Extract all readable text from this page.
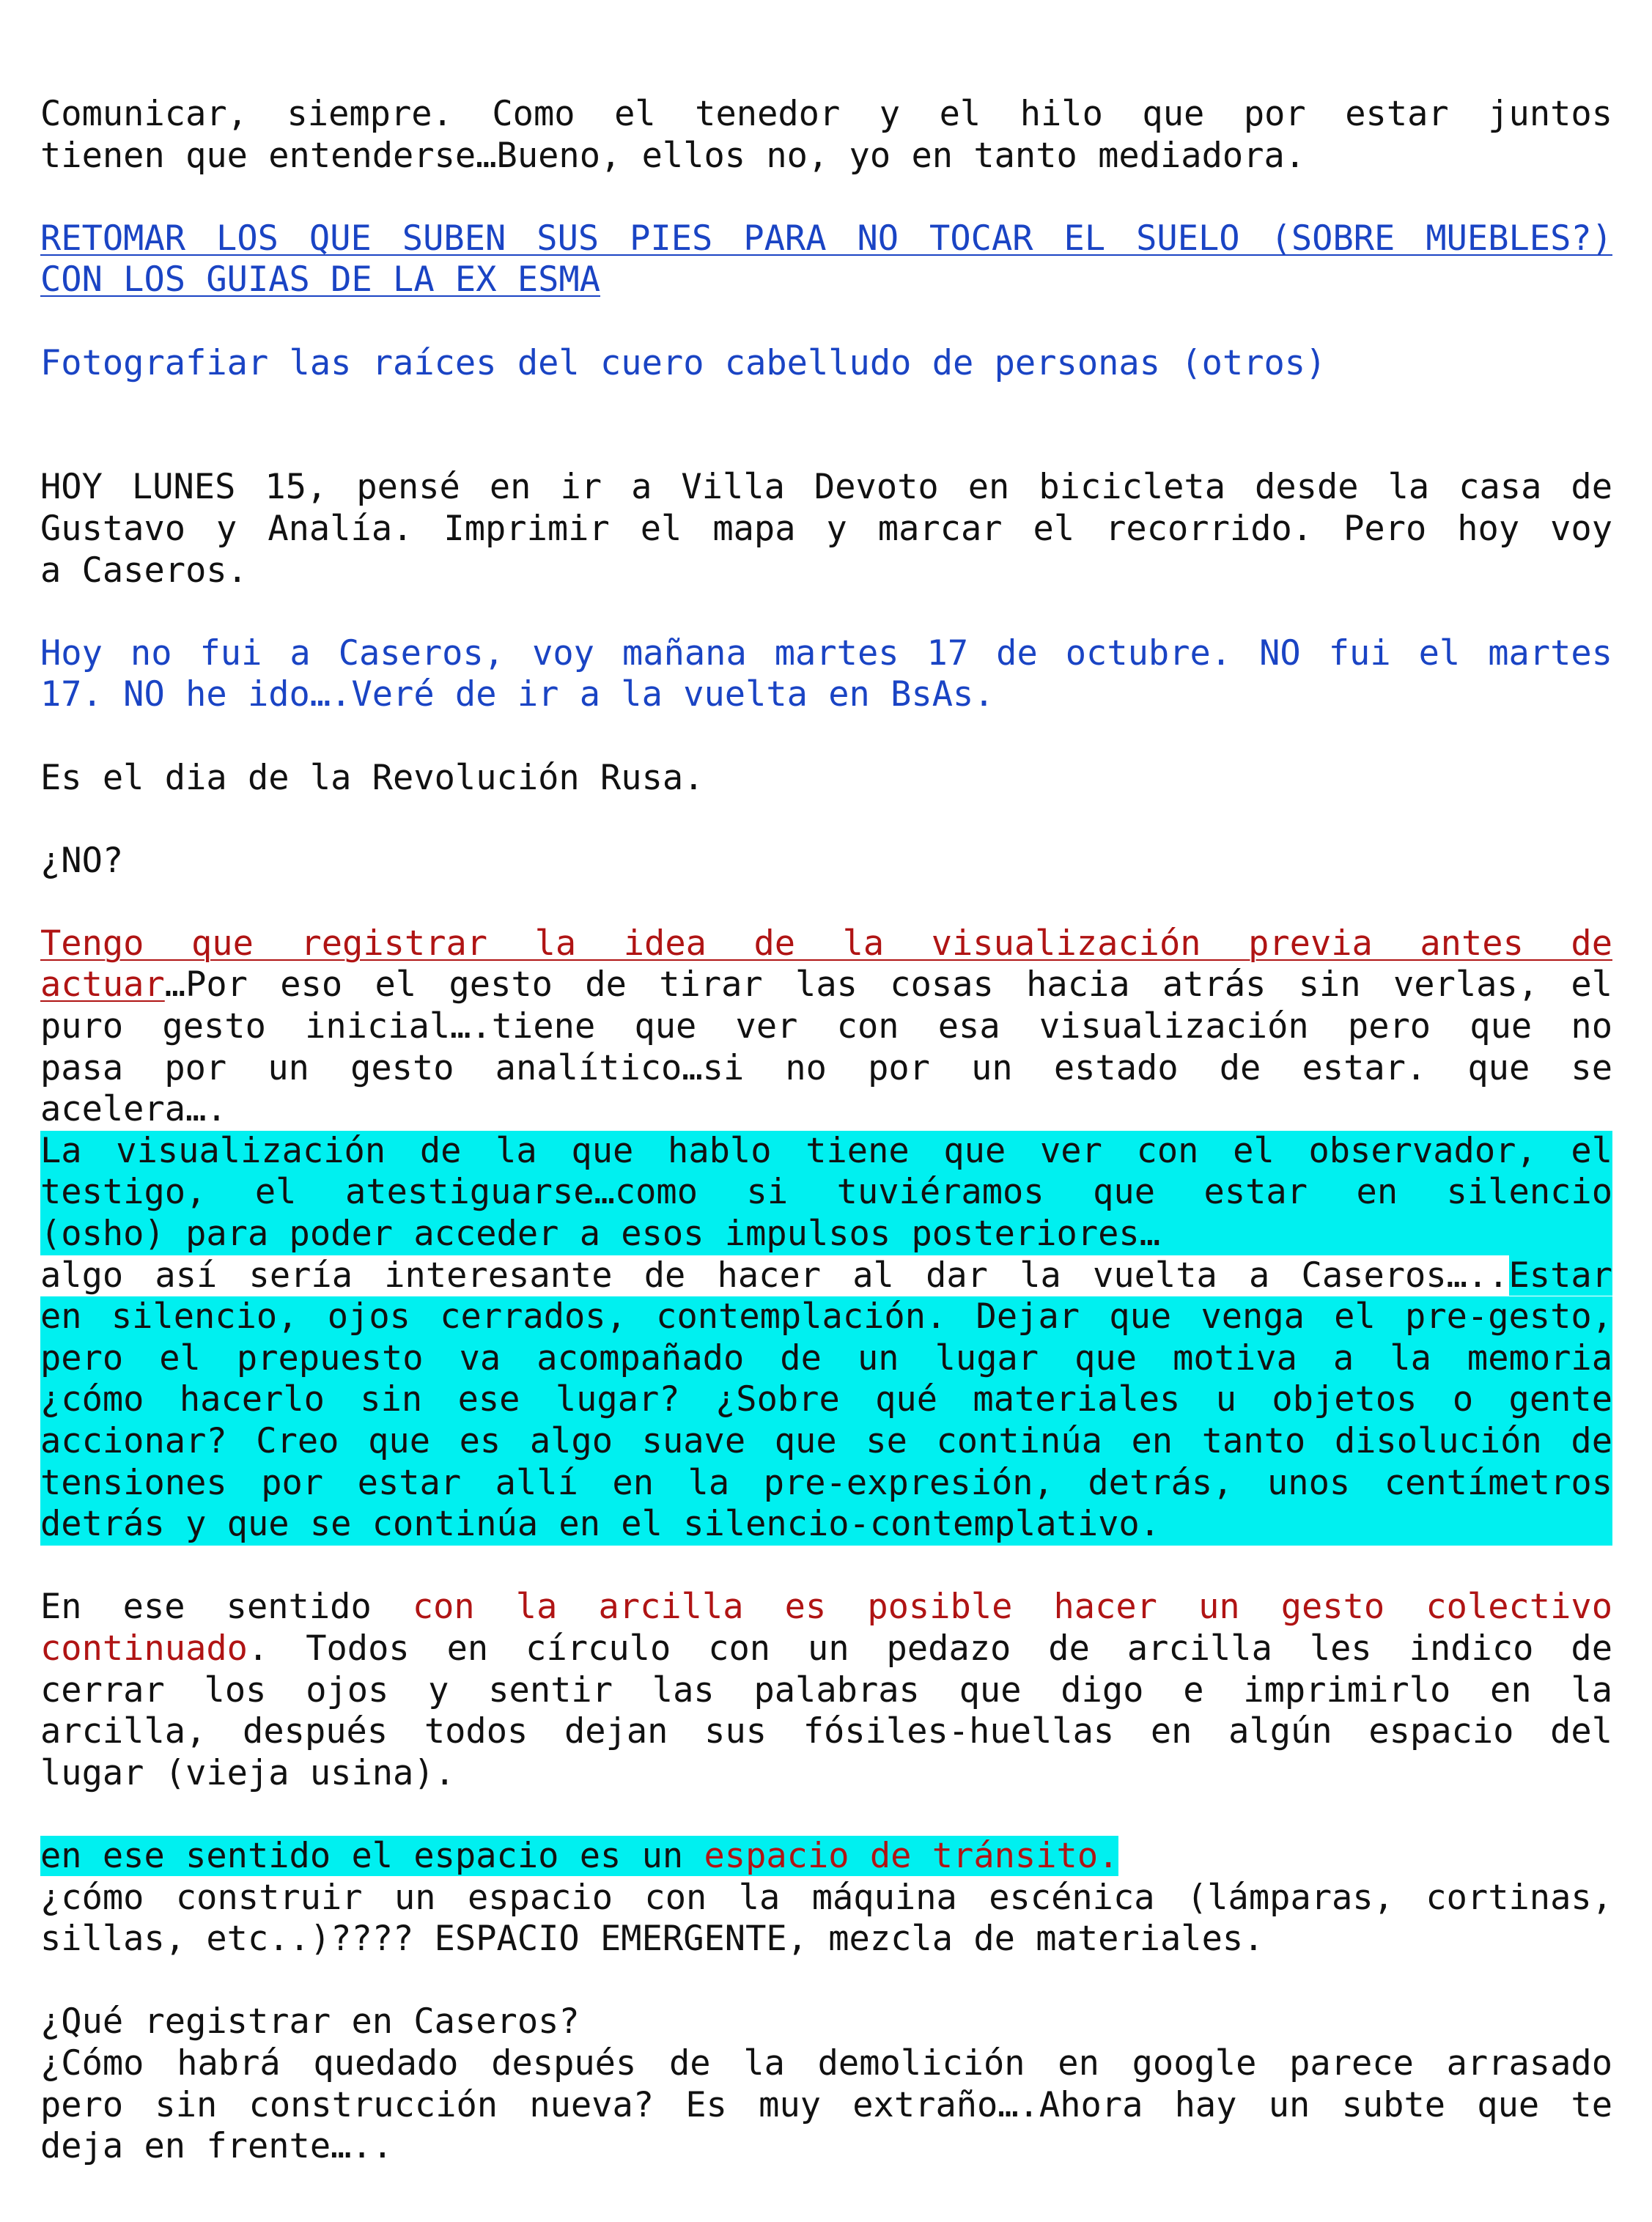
Comunicar, siempre. Como el tenedor y el hilo que por estar juntos
tienen que entenderse…Bueno, ellos no, yo en tanto mediadora.
RETOMAR LOS QUE SUBEN SUS PIES PARA NO TOCAR EL SUELO (SOBRE MUEBLES?)
CON LOS GUIAS DE LA EX ESMA
Fotografiar las raíces del cuero cabelludo de personas (otros)
HOY LUNES 15, pensé en ir a Villa Devoto en bicicleta desde la casa de
Gustavo y Analía. Imprimir el mapa y marcar el recorrido. Pero hoy voy
a Caseros.
Hoy no fui a Caseros, voy mañana martes 17 de octubre. NO fui el martes
17. NO he ido….Veré de ir a la vuelta en BsAs.
Es el dia de la Revolución Rusa.
¿NO?
Tengo que registrar la idea de la visualización previa antes de
actuar…Por eso el gesto de tirar las cosas hacia atrás sin verlas, el
puro gesto inicial….tiene que ver con esa visualización pero que no
pasa por un gesto analítico…si no por un estado de estar. que se
acelera….
La visualización de la que hablo tiene que ver con el observador, el
testigo, el atestiguarse…como si tuviéramos que estar en silencio
(osho) para poder acceder a esos impulsos posteriores…
algo así sería interesante de hacer al dar la vuelta a Caseros…..Estar
en silencio, ojos cerrados, contemplación. Dejar que venga el pre-gesto,
pero el prepuesto va acompañado de un lugar que motiva a la memoria
¿cómo hacerlo sin ese lugar? ¿Sobre qué materiales u objetos o gente
accionar? Creo que es algo suave que se continúa en tanto disolución de
tensiones por estar allí en la pre-expresión, detrás, unos centímetros
detrás y que se continúa en el silencio-contemplativo.
En ese sentido con la arcilla es posible hacer un gesto colectivo
continuado. Todos en círculo con un pedazo de arcilla les indico de
cerrar los ojos y sentir las palabras que digo e imprimirlo en la
arcilla, después todos dejan sus fósiles-huellas en algún espacio del
lugar (vieja usina).
en ese sentido el espacio es un espacio de tránsito.
¿cómo construir un espacio con la máquina escénica (lámparas, cortinas,
sillas, etc..)???? ESPACIO EMERGENTE, mezcla de materiales.
¿Qué registrar en Caseros?
¿Cómo habrá quedado después de la demolición en google parece arrasado
pero sin construcción nueva? Es muy extraño….Ahora hay un subte que te
deja en frente…..
